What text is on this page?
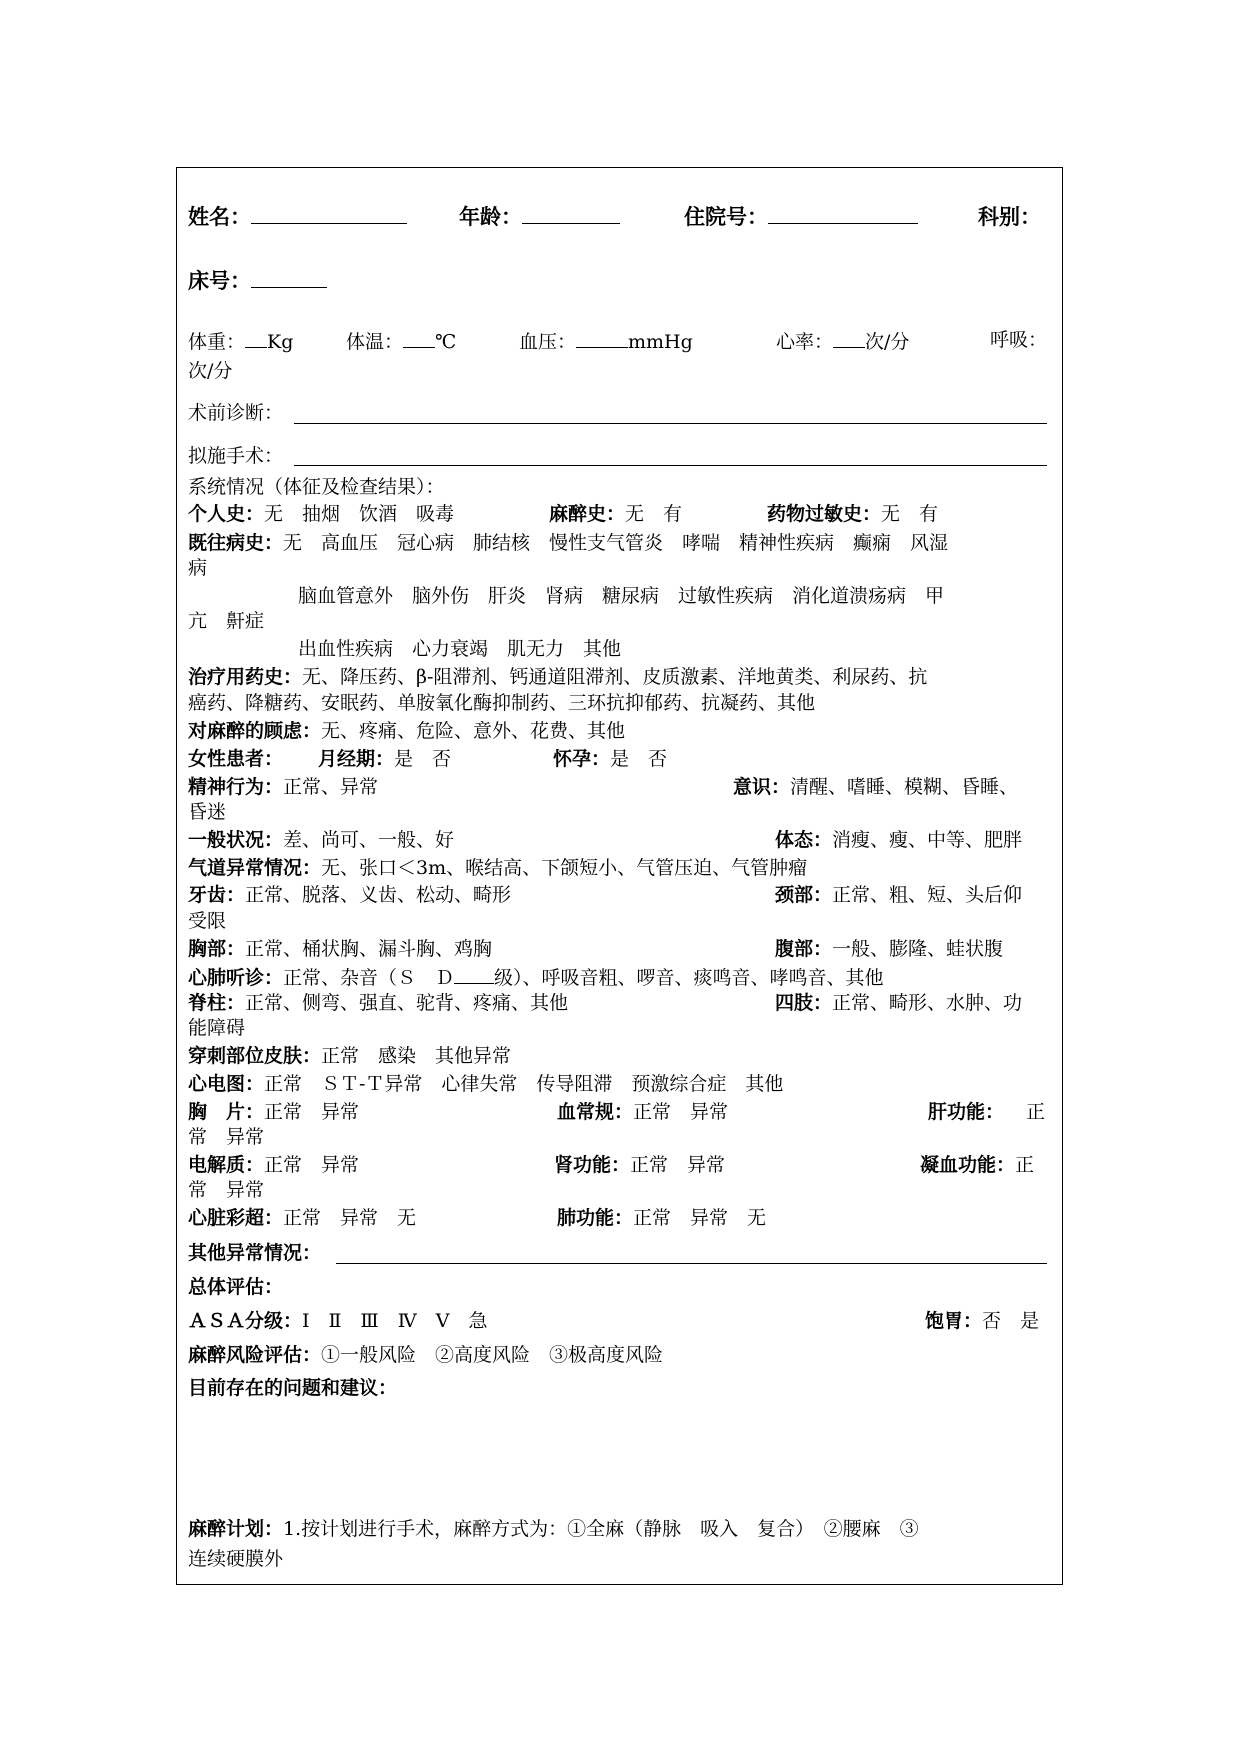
姓名：	年龄：	住院号：	科别：
床号：
体重： Kg	体温： ℃	血压：	mmHg	心率： 次/分	呼吸：
次/分
术前诊断：
拟施手术：
系统情况（体征及检查结果）：
个人史：无　抽烟　饮酒　吸毒	麻醉史：无　有	药物过敏史：无　有
既往病史：无　高血压　冠心病　肺结核　慢性支气管炎　哮喘　精神性疾病　癫痫　风湿
病
脑血管意外　脑外伤　肝炎　肾病　糖尿病　过敏性疾病　消化道溃疡病　甲
亢　鼾症
出血性疾病　心力衰竭　肌无力　其他
治疗用药史：无、降压药、β-阻滞剂、钙通道阻滞剂、皮质激素、洋地黄类、利尿药、抗
癌药、降糖药、安眠药、单胺氧化酶抑制药、三环抗抑郁药、抗凝药、其他
对麻醉的顾虑：无、疼痛、危险、意外、花费、其他
女性患者： 月经期：是　否	怀孕：是　否
精神行为：正常、异常	意识：清醒、嗜睡、模糊、昏睡、
昏迷
一般状况：差、尚可、一般、好	体态：消瘦、瘦、中等、肥胖
气道异常情况：无、张口＜3m、喉结高、下颌短小、气管压迫、气管肿瘤
牙齿：正常、脱落、义齿、松动、畸形	颈部：正常、粗、短、头后仰
受限
胸部：正常、桶状胸、漏斗胸、鸡胸	腹部：一般、膨隆、蛙状腹
心肺听诊：正常、杂音（Ｓ　Ｄ 级）、呼吸音粗、啰音、痰鸣音、哮鸣音、其他
脊柱：正常、侧弯、强直、驼背、疼痛、其他	四肢：正常、畸形、水肿、功
能障碍
穿刺部位皮肤：正常　感染　其他异常
心电图：正常　ＳＴ-Ｔ异常　心律失常　传导阻滞　预激综合症　其他
胸　片：正常　异常	血常规：正常　异常	肝功能： 正
常　异常
电解质：正常　异常	肾功能：正常　异常	凝血功能：正
常　异常
心脏彩超：正常　异常　无	肺功能：正常　异常　无
其他异常情况：
总体评估：
ＡＳＡ分级：Ⅰ　Ⅱ　Ⅲ　Ⅳ　Ⅴ　急	饱胃：否　是
麻醉风险评估：①一般风险　②高度风险　③极高度风险
目前存在的问题和建议：
麻醉计划：1.按计划进行手术，麻醉方式为：①全麻（静脉　吸入　复合）　②腰麻　③
连续硬膜外
